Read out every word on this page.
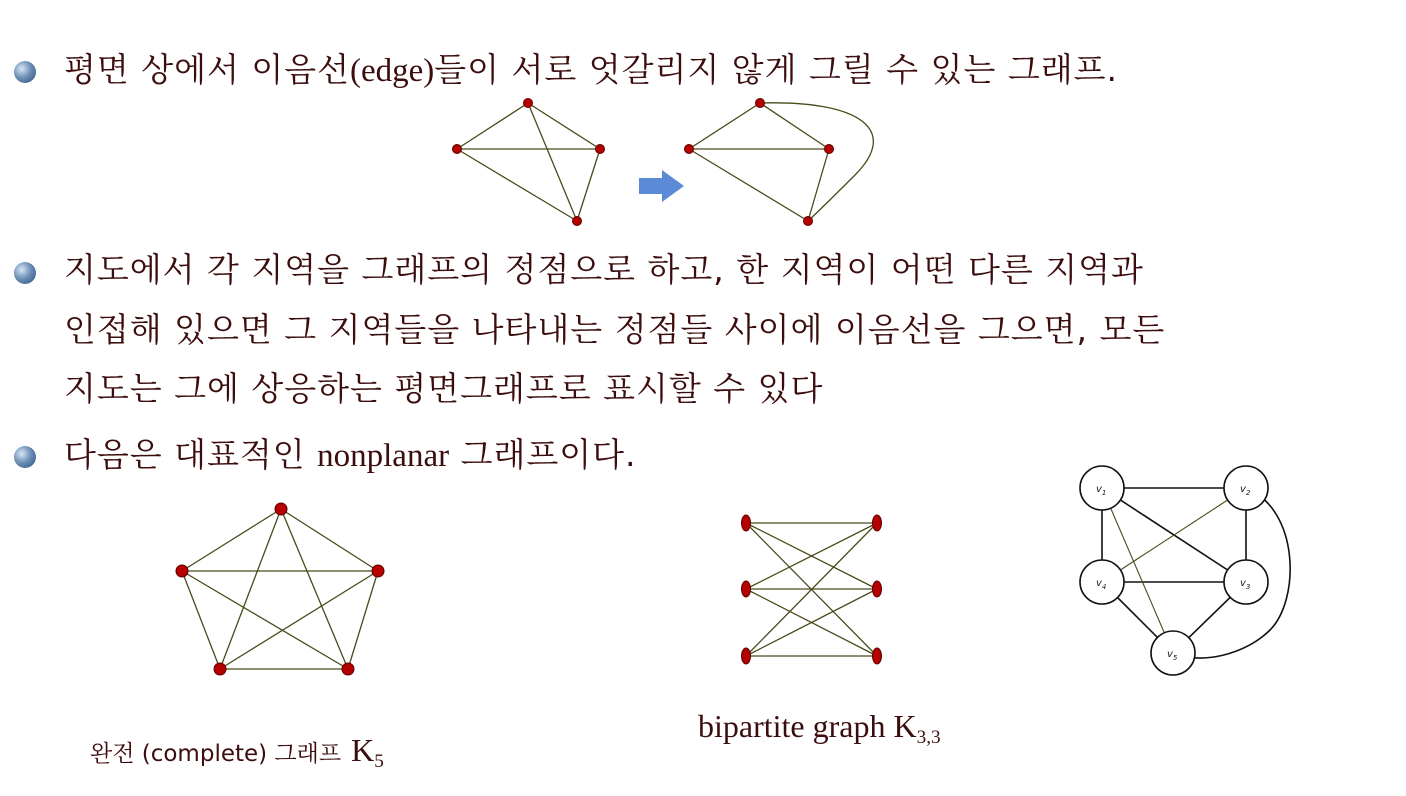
평면 상에서 이음선(edge)들이 서로 엇갈리지 않게 그릴 수 있는 그래프.
지도에서 각 지역을 그래프의 정점으로 하고, 한 지역이 어떤 다른 지역과
인접해 있으면 그 지역들을 나타내는 정점들 사이에 이음선을 그으면, 모든
지도는 그에 상응하는 평면그래프로 표시할 수 있다
다음은 대표적인 nonplanar 그래프이다.
$v_1$	$v_2$
$v_3$
$v_4$
$v_5$
완전 (complete) 그래프 $K_5$
bipartite graph $K_{3,3}$
